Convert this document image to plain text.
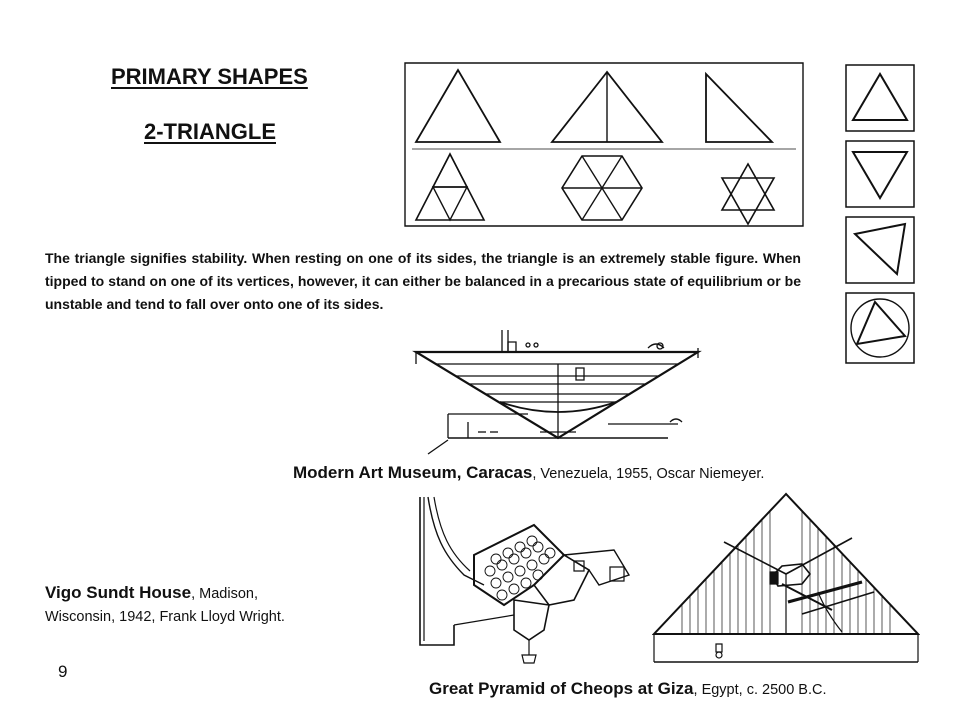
PRIMARY SHAPES
2-TRIANGLE
The triangle signifies stability. When resting on one of its sides, the triangle is an extremely stable figure. When tipped to stand on one of its vertices, however, it can either be balanced in a precarious state of equilibrium or be unstable and tend to fall over onto one of its sides.
Modern Art Museum, Caracas, Venezuela, 1955, Oscar Niemeyer.
Vigo Sundt House, Madison,
Wisconsin, 1942, Frank Lloyd Wright.
Great Pyramid of Cheops at Giza, Egypt, c. 2500 B.C.
9
